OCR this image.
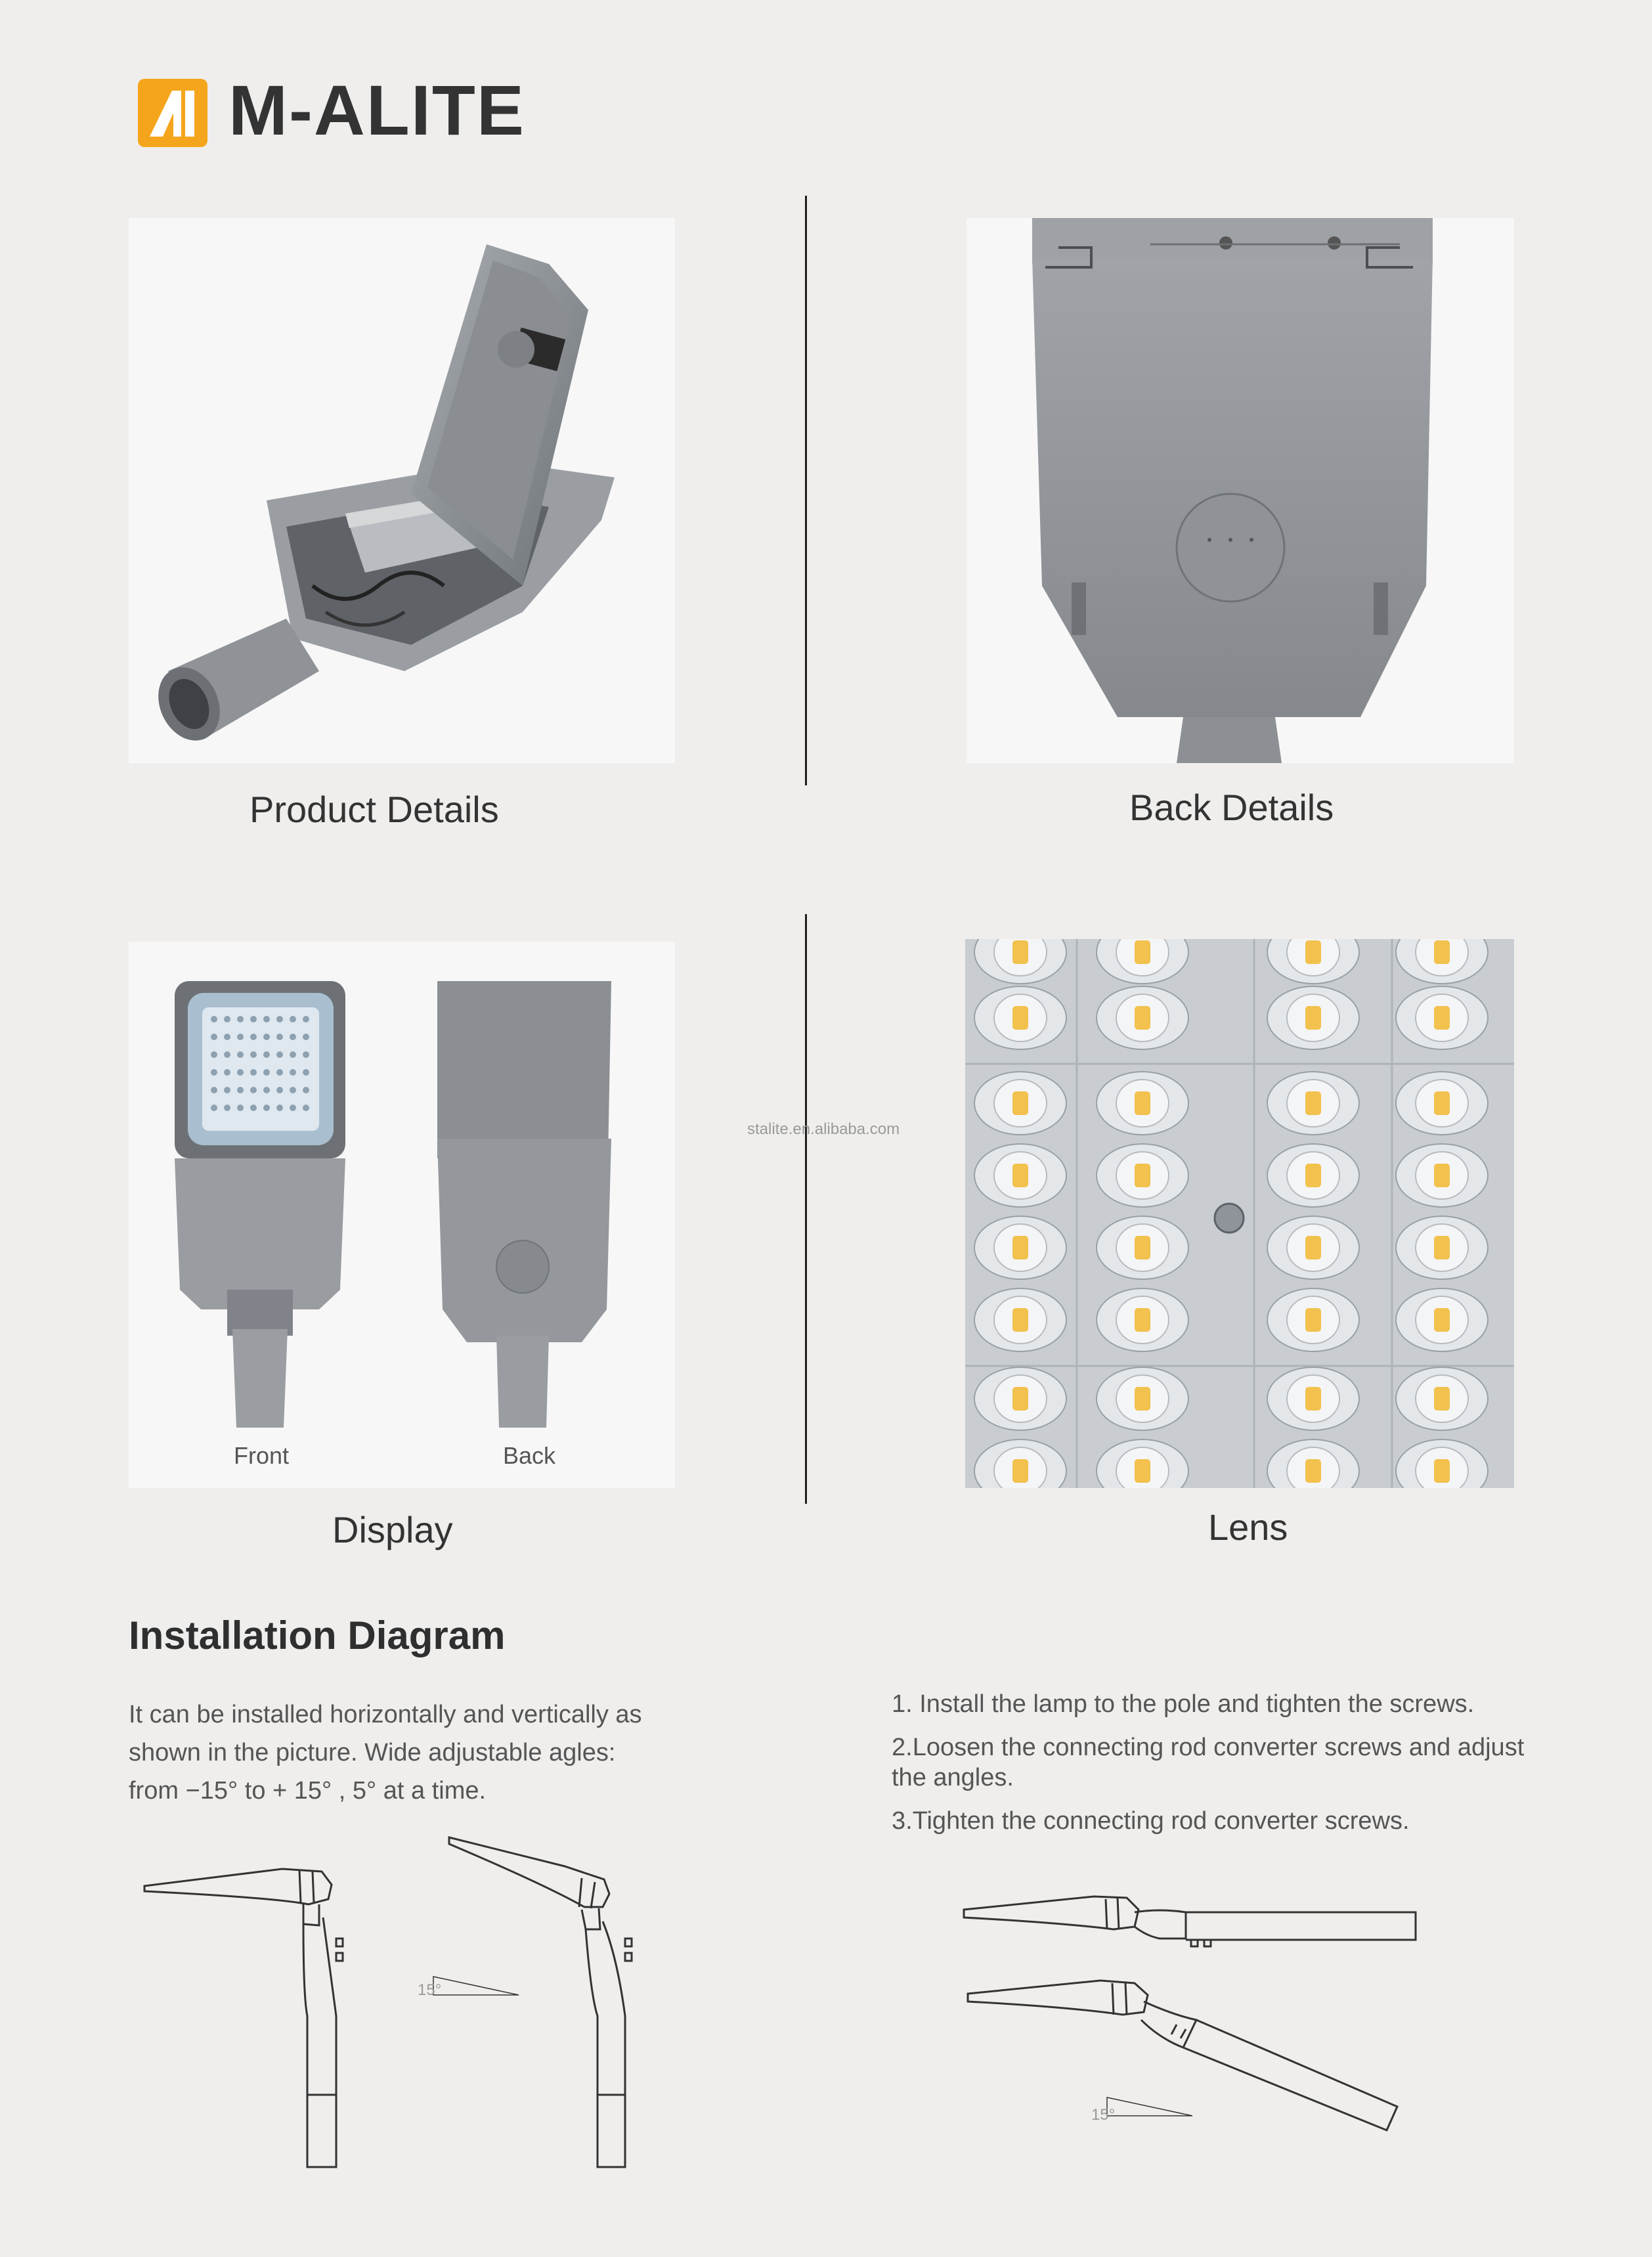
M-ALITE
Product Details	Back Details
Front	Back
Display
stalite.en.alibaba.com
Lens
Installation Diagram
It can be installed horizontally and vertically as
shown in the picture. Wide adjustable agles:
from −15° to + 15° , 5° at a time.
1. Install the lamp to the pole and tighten the screws.
2.Loosen the connecting rod converter screws and adjust the angles.
3.Tighten the connecting rod converter screws.
15°
15°
